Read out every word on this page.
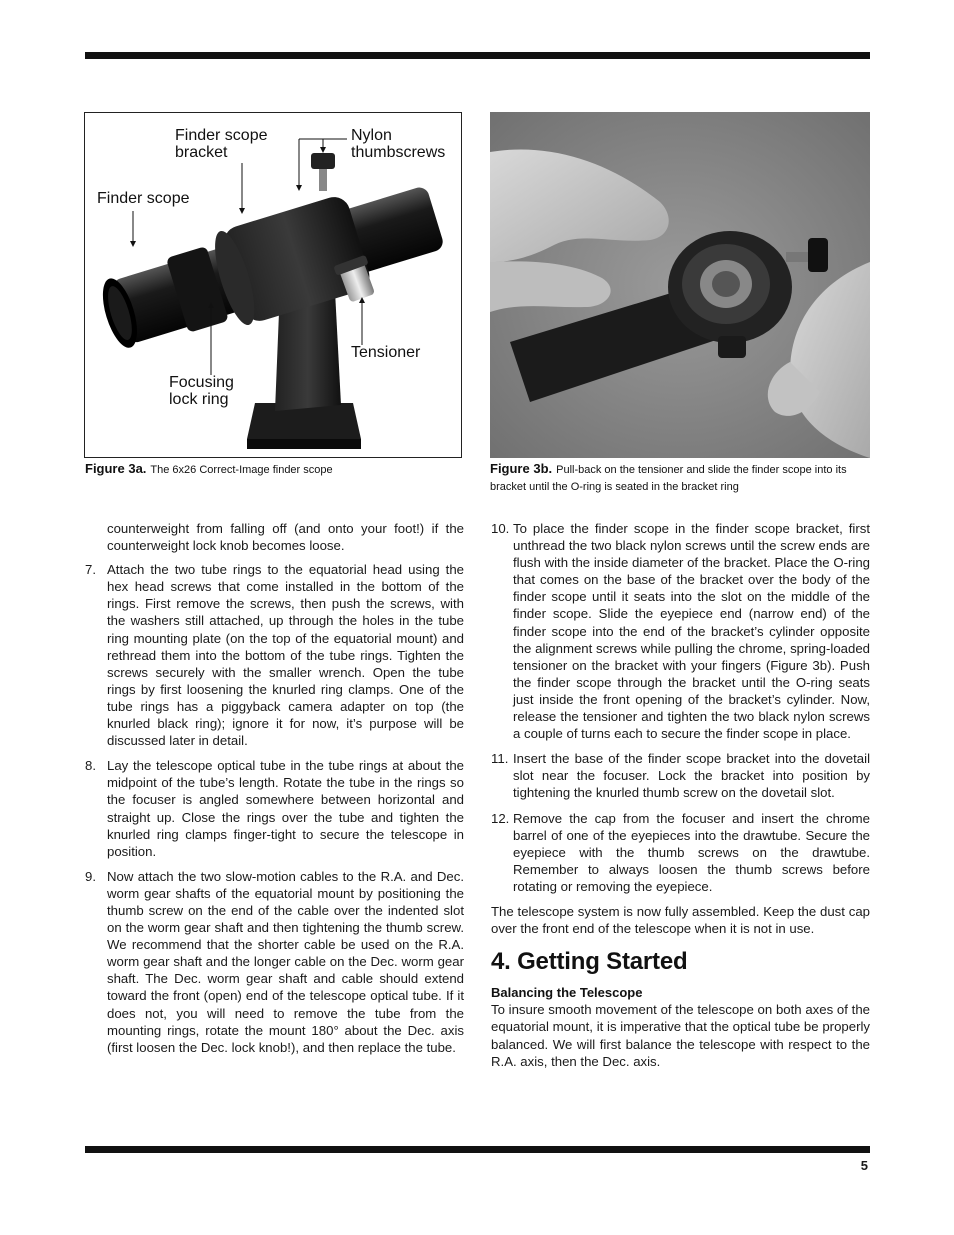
Finder scope
bracket
Nylon
thumbscrews
Finder scope
Tensioner
Focusing
lock ring
Figure 3a. The 6x26 Correct-Image finder scope	Figure 3b. Pull-back on the tensioner and slide the finder scope into its bracket until the O-ring is seated in the bracket ring
counterweight from falling off (and onto your foot!) if the counterweight lock knob becomes loose.
7. Attach the two tube rings to the equatorial head using the hex head screws that come installed in the bottom of the rings. First remove the screws, then push the screws, with the washers still attached, up through the holes in the tube ring mounting plate (on the top of the equatorial mount) and rethread them into the bottom of the tube rings. Tighten the screws securely with the smaller wrench. Open the tube rings by first loosening the knurled ring clamps. One of the tube rings has a piggyback camera adapter on top (the knurled black ring); ignore it for now, it’s purpose will be discussed later in detail.
8. Lay the telescope optical tube in the tube rings at about the midpoint of the tube’s length. Rotate the tube in the rings so the focuser is angled somewhere between horizontal and straight up. Close the rings over the tube and tighten the knurled ring clamps finger-tight to secure the telescope in position.
9. Now attach the two slow-motion cables to the R.A. and Dec. worm gear shafts of the equatorial mount by positioning the thumb screw on the end of the cable over the indented slot on the worm gear shaft and then tightening the thumb screw. We recommend that the shorter cable be used on the R.A. worm gear shaft and the longer cable on the Dec. worm gear shaft. The Dec. worm gear shaft and cable should extend toward the front (open) end of the telescope optical tube. If it does not, you will need to remove the tube from the mounting rings, rotate the mount 180° about the Dec. axis (first loosen the Dec. lock knob!), and then replace the tube.
10. To place the finder scope in the finder scope bracket, first unthread the two black nylon screws until the screw ends are flush with the inside diameter of the bracket. Place the O-ring that comes on the base of the bracket over the body of the finder scope until it seats into the slot on the middle of the finder scope. Slide the eyepiece end (narrow end) of the finder scope into the end of the bracket’s cylinder opposite the alignment screws while pulling the chrome, spring-loaded tensioner on the bracket with your fingers (Figure 3b). Push the finder scope through the bracket until the O-ring seats just inside the front opening of the bracket’s cylinder. Now, release the tensioner and tighten the two black nylon screws a couple of turns each to secure the finder scope in place.
11. Insert the base of the finder scope bracket into the dovetail slot near the focuser. Lock the bracket into position by tightening the knurled thumb screw on the dovetail slot.
12. Remove the cap from the focuser and insert the chrome barrel of one of the eyepieces into the drawtube. Secure the eyepiece with the thumb screws on the drawtube. Remember to always loosen the thumb screws before rotating or removing the eyepiece.

The telescope system is now fully assembled. Keep the dust cap over the front end of the telescope when it is not in use.

4. Getting Started
Balancing the Telescope

To insure smooth movement of the telescope on both axes of the equatorial mount, it is imperative that the optical tube be properly balanced. We will first balance the telescope with respect to the R.A. axis, then the Dec. axis.

5
